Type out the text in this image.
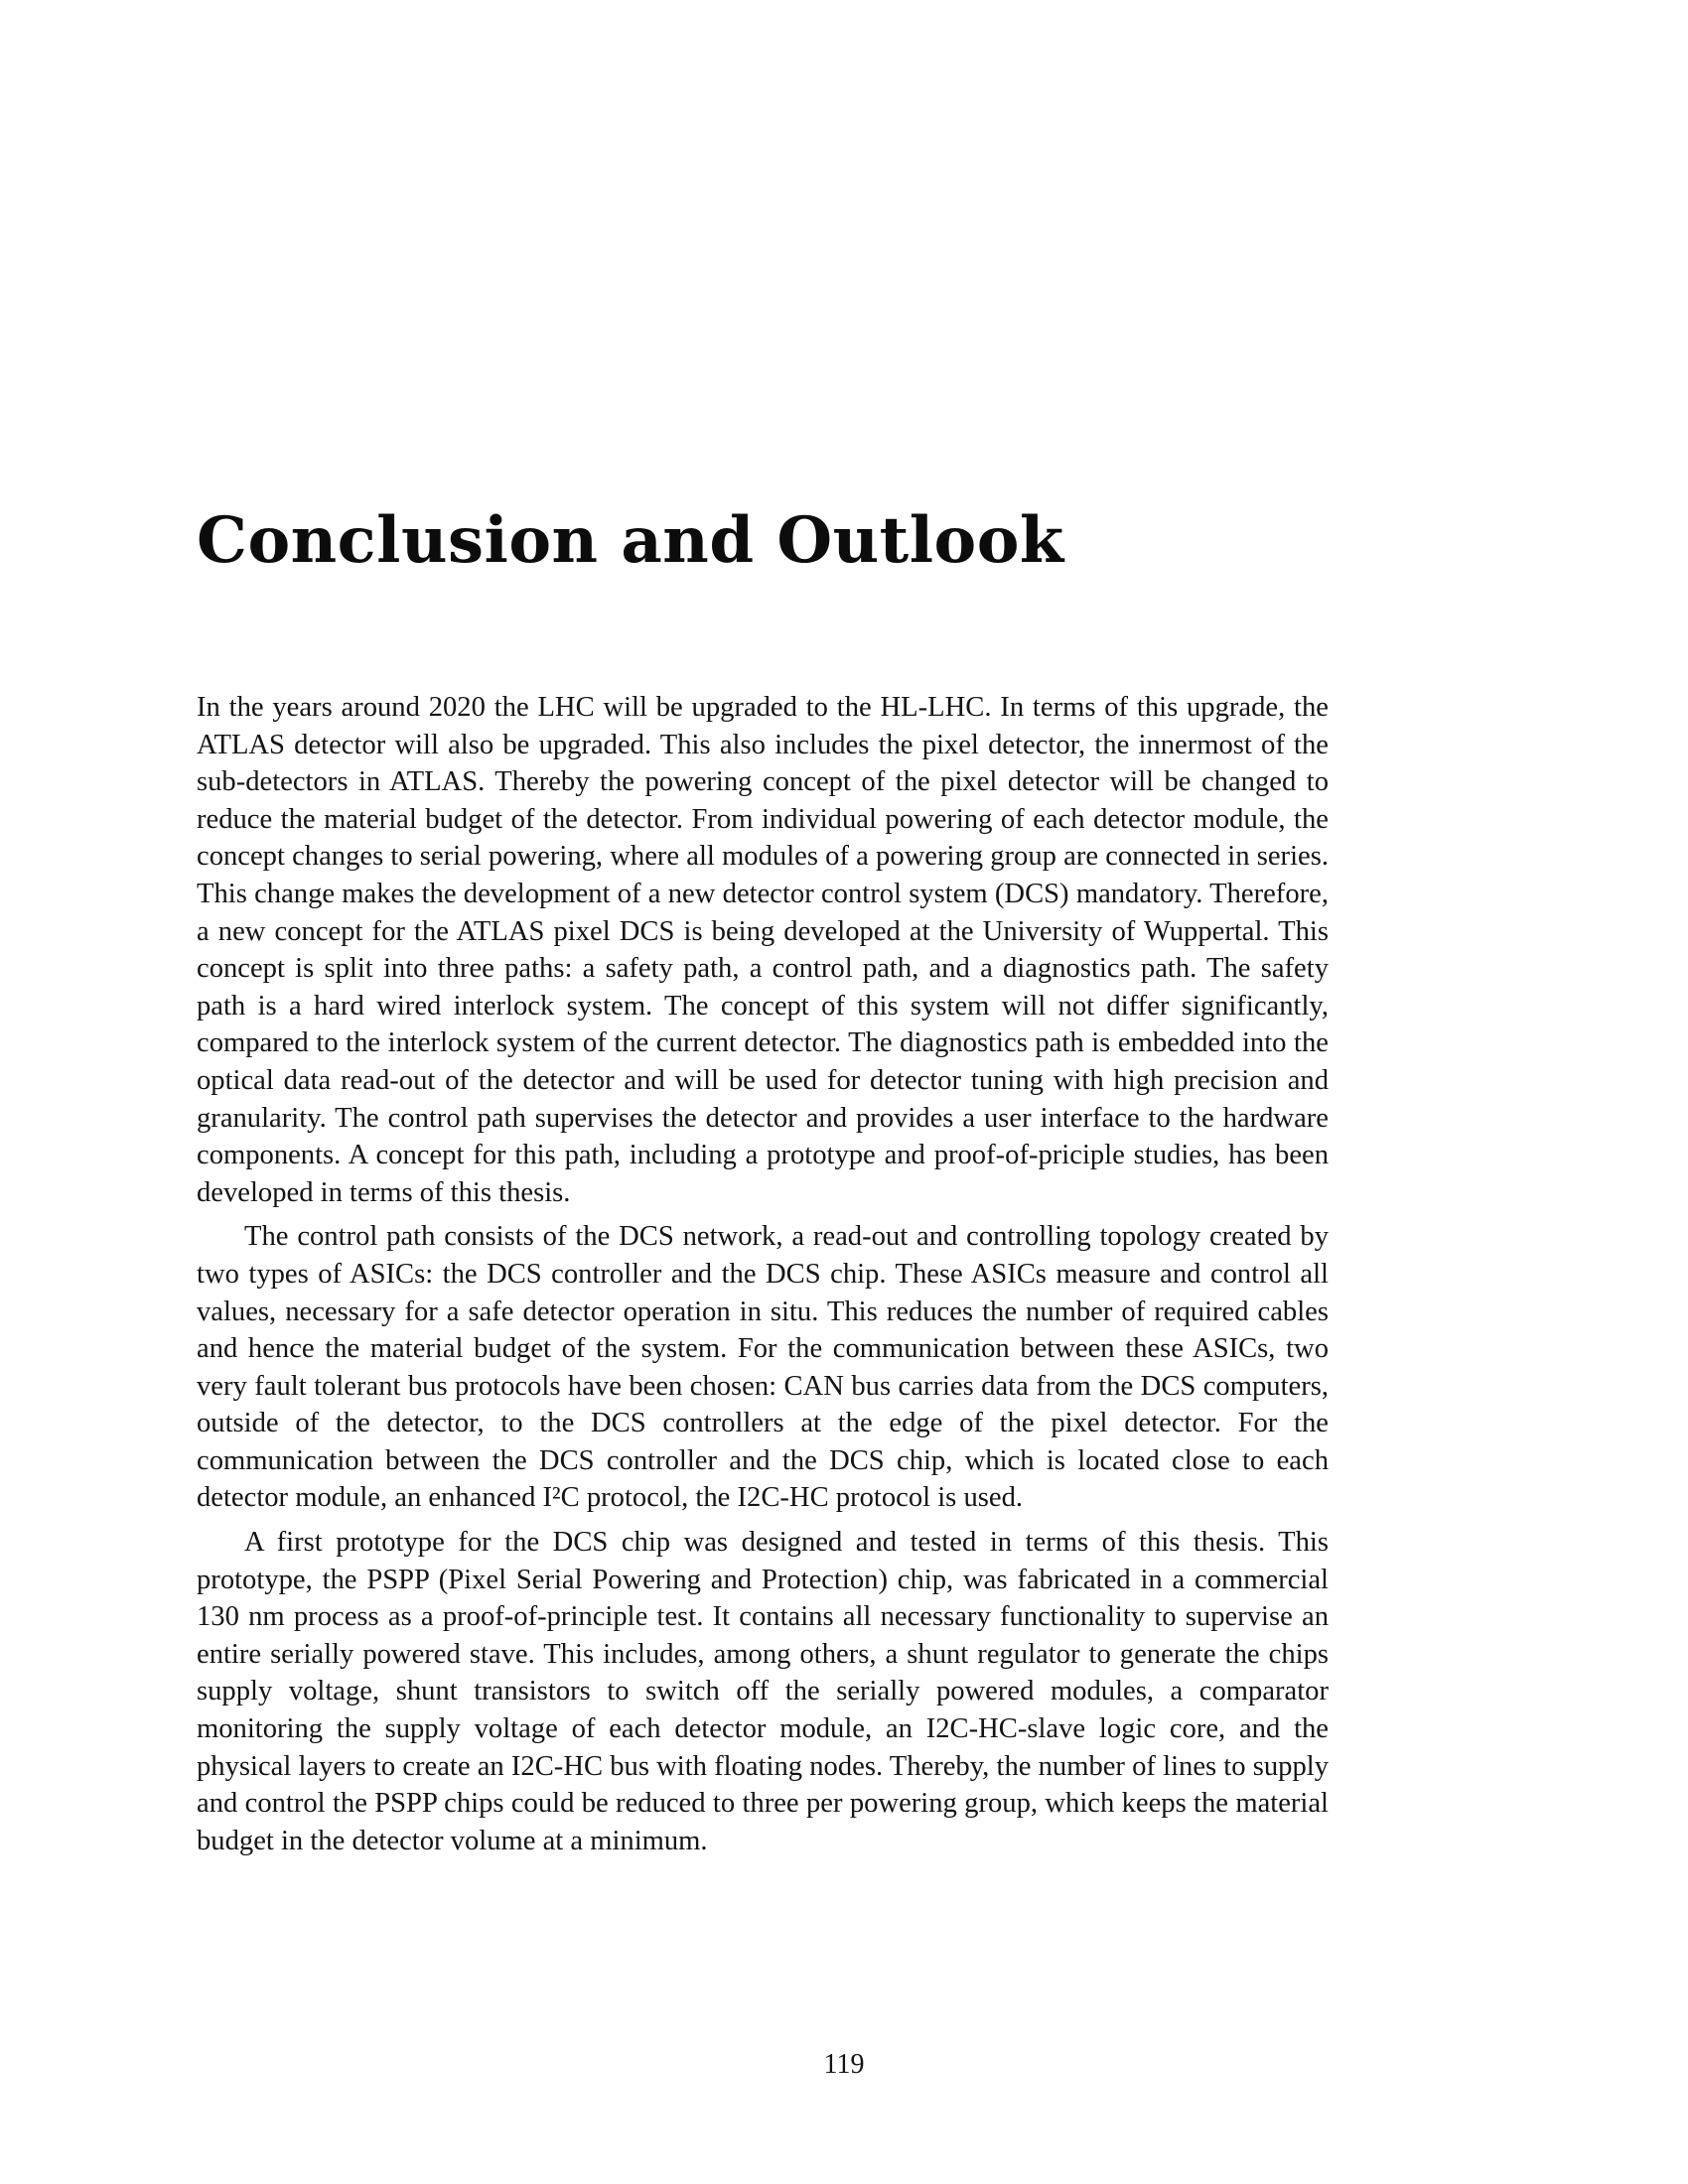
Conclusion and Outlook

In the years around 2020 the LHC will be upgraded to the HL-LHC. In terms of this upgrade, the ATLAS detector will also be upgraded. This also includes the pixel detector, the innermost of the sub-detectors in ATLAS. Thereby the powering concept of the pixel detector will be changed to reduce the material budget of the detector. From individual powering of each detector module, the concept changes to serial powering, where all modules of a powering group are connected in series. This change makes the development of a new detector control system (DCS) mandatory. Therefore, a new concept for the ATLAS pixel DCS is being developed at the University of Wuppertal. This concept is split into three paths: a safety path, a control path, and a diagnostics path. The safety path is a hard wired interlock system. The concept of this system will not differ significantly, compared to the interlock system of the current detector. The diagnostics path is embedded into the optical data read-out of the detector and will be used for detector tuning with high precision and granularity. The control path supervises the detector and provides a user interface to the hardware components. A concept for this path, including a prototype and proof-of-priciple studies, has been developed in terms of this thesis.

The control path consists of the DCS network, a read-out and controlling topology created by two types of ASICs: the DCS controller and the DCS chip. These ASICs measure and control all values, necessary for a safe detector operation in situ. This reduces the number of required cables and hence the material budget of the system. For the communication between these ASICs, two very fault tolerant bus protocols have been chosen: CAN bus carries data from the DCS computers, outside of the detector, to the DCS controllers at the edge of the pixel detector. For the communication between the DCS controller and the DCS chip, which is located close to each detector module, an enhanced I²C protocol, the I2C-HC protocol is used.

A first prototype for the DCS chip was designed and tested in terms of this thesis. This prototype, the PSPP (Pixel Serial Powering and Protection) chip, was fabricated in a commercial 130 nm process as a proof-of-principle test. It contains all necessary functionality to supervise an entire serially powered stave. This includes, among others, a shunt regulator to generate the chips supply voltage, shunt transistors to switch off the serially powered modules, a comparator monitoring the supply voltage of each detector module, an I2C-HC-slave logic core, and the physical layers to create an I2C-HC bus with floating nodes. Thereby, the number of lines to supply and control the PSPP chips could be reduced to three per powering group, which keeps the material budget in the detector volume at a minimum.

119
